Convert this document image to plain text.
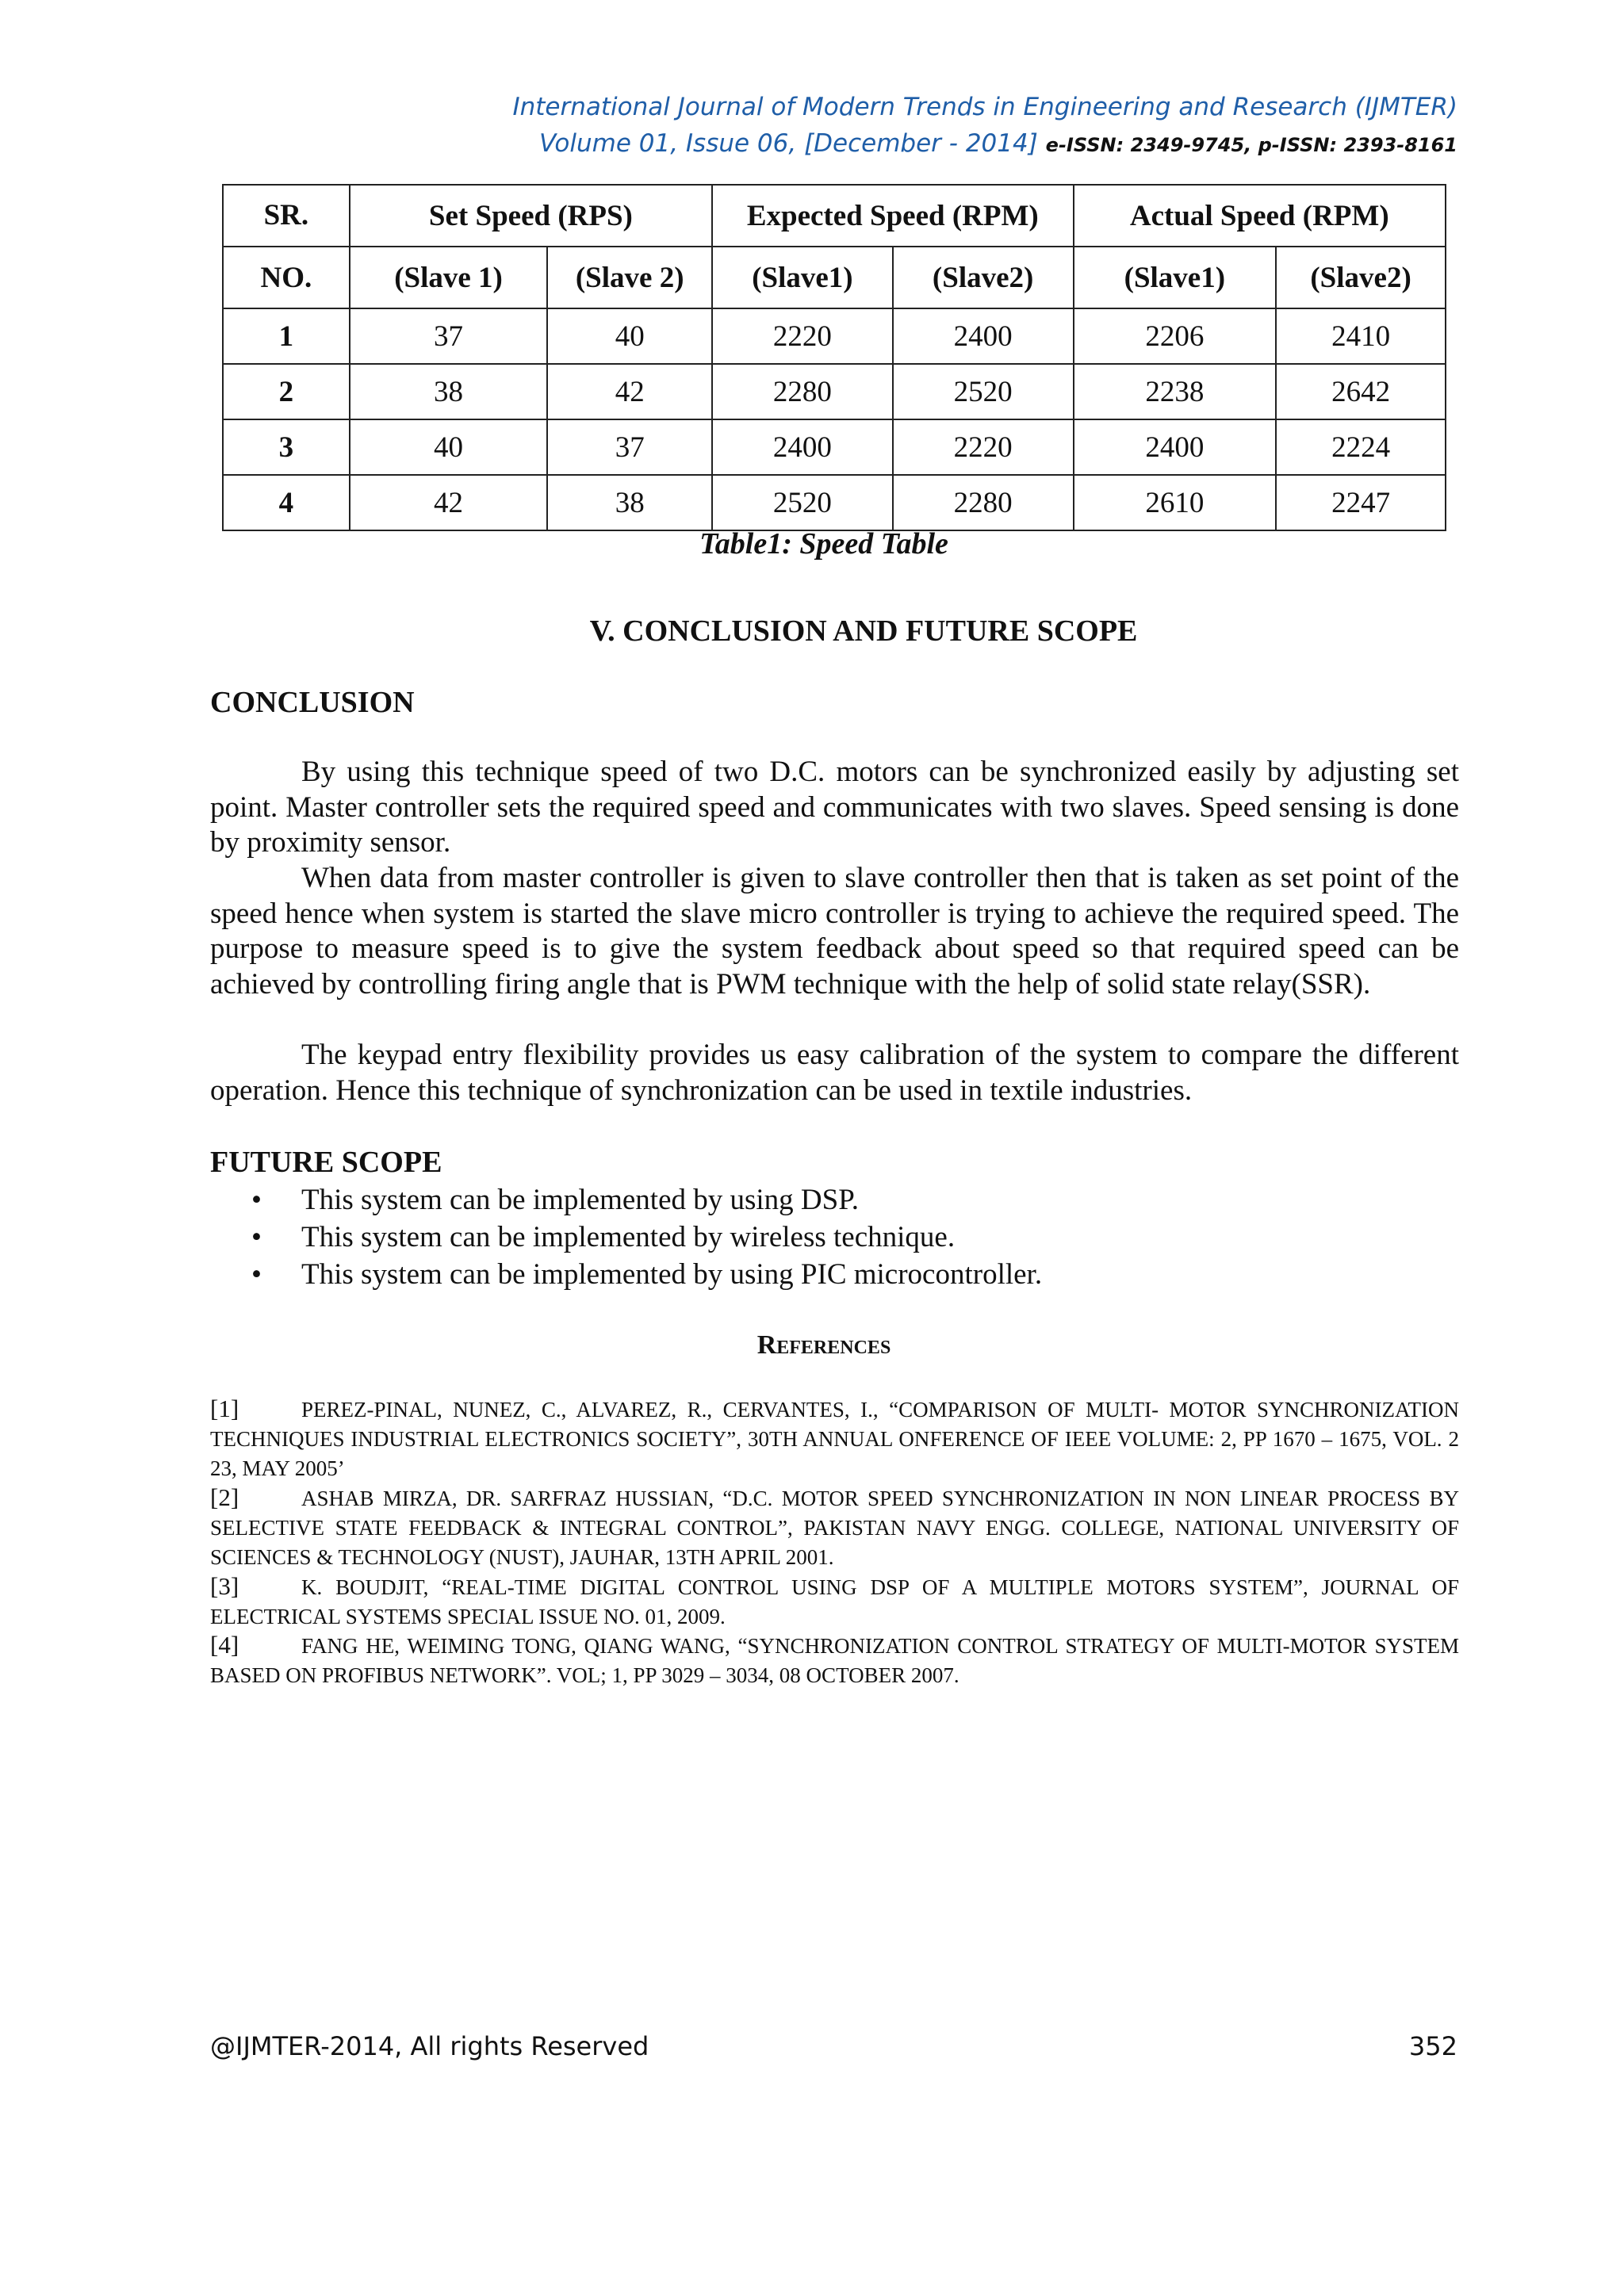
International Journal of Modern Trends in Engineering and Research (IJMTER)
Volume 01, Issue 06, [December - 2014] e-ISSN: 2349-9745, p-ISSN: 2393-8161
SR.	Set Speed (RPS)		Expected Speed (RPM)		Actual Speed (RPM)	
NO.	(Slave 1)	(Slave 2)	(Slave1)	(Slave2)	(Slave1)	(Slave2)
1	37	40	2220	2400	2206	2410
2	38	42	2280	2520	2238	2642
3	40	37	2400	2220	2400	2224
4	42	38	2520	2280	2610	2247
Table1: Speed Table
V. CONCLUSION AND FUTURE SCOPE
CONCLUSION

By using this technique speed of two D.C. motors can be synchronized easily by adjusting set point. Master controller sets the required speed and communicates with two slaves. Speed sensing is done by proximity sensor.

When data from master controller is given to slave controller then that is taken as set point of the speed hence when system is started the slave micro controller is trying to achieve the required speed. The purpose to measure speed is to give the system feedback about speed so that required speed can be achieved by controlling firing angle that is PWM technique with the help of solid state relay(SSR).

The keypad entry flexibility provides us easy calibration of the system to compare the different operation. Hence this technique of synchronization can be used in textile industries.

FUTURE SCOPE
• This system can be implemented by using DSP.
• This system can be implemented by wireless technique.
• This system can be implemented by using PIC microcontroller.
References

[1]	PEREZ-PINAL, NUNEZ, C., ALVAREZ, R., CERVANTES, I., “COMPARISON OF MULTI- MOTOR SYNCHRONIZATION TECHNIQUES INDUSTRIAL ELECTRONICS SOCIETY”, 30TH ANNUAL ONFERENCE OF IEEE VOLUME: 2, PP 1670 – 1675, VOL. 2 23, MAY 2005’

[2]	ASHAB MIRZA, DR. SARFRAZ HUSSIAN, “D.C. MOTOR SPEED SYNCHRONIZATION IN NON LINEAR PROCESS BY SELECTIVE STATE FEEDBACK & INTEGRAL CONTROL”, PAKISTAN NAVY ENGG. COLLEGE, NATIONAL UNIVERSITY OF SCIENCES & TECHNOLOGY (NUST), JAUHAR, 13TH APRIL 2001.

[3]	K. BOUDJIT, “REAL-TIME DIGITAL CONTROL USING DSP OF A MULTIPLE MOTORS SYSTEM”, JOURNAL OF ELECTRICAL SYSTEMS SPECIAL ISSUE NO. 01, 2009.

[4]	FANG HE, WEIMING TONG, QIANG WANG, “SYNCHRONIZATION CONTROL STRATEGY OF MULTI-MOTOR SYSTEM BASED ON PROFIBUS NETWORK”. VOL; 1, PP 3029 – 3034, 08 OCTOBER 2007.

@IJMTER-2014, All rights Reserved	352
